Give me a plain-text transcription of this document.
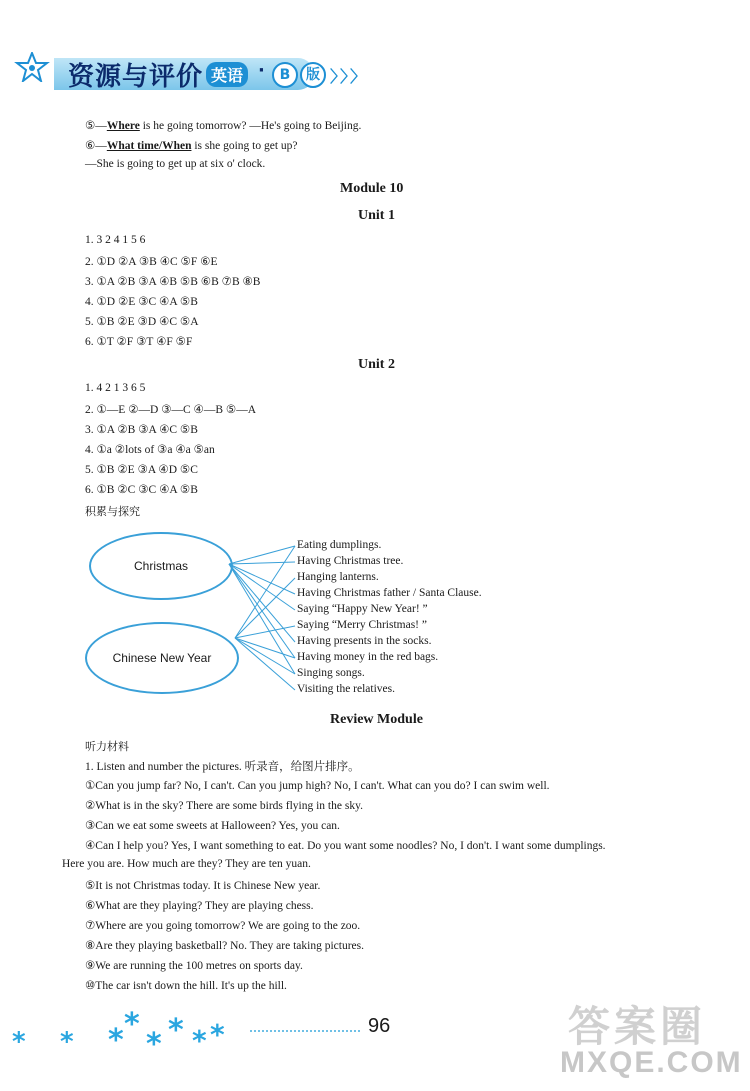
资源与评价 英语 ·	B	版 〉〉〉
⑤—Where is he going tomorrow? —He's going to Beijing.
⑥—What time/When is she going to get up?
—She is going to get up at six o' clock.
Module 10
Unit 1
1. 3 2 4 1 5 6
2. ①D ②A ③B ④C ⑤F ⑥E
3. ①A ②B ③A ④B ⑤B ⑥B ⑦B ⑧B
4. ①D ②E ③C ④A ⑤B
5. ①B ②E ③D ④C ⑤A
6. ①T ②F ③T ④F ⑤F
Unit 2
1. 4 2 1 3 6 5
2. ①—E ②—D ③—C ④—B ⑤—A
3. ①A ②B ③A ④C ⑤B
4. ①a ②lots of ③a ④a ⑤an
5. ①B ②E ③A ④D ⑤C
6. ①B ②C ③C ④A ⑤B
积累与探究
Christmas
Chinese New Year
Eating dumplings.
Having Christmas tree.
Hanging lanterns.
Having Christmas father / Santa Clause.
Saying “Happy New Year! ”
Saying “Merry Christmas! ”
Having presents in the socks.
Having money in the red bags.
Singing songs.
Visiting the relatives.
Review Module
听力材料
1. Listen and number the pictures. 听录音，给图片排序。
①Can you jump far? No, I can't. Can you jump high? No, I can't. What can you do? I can swim well.
②What is in the sky? There are some birds flying in the sky.
③Can we eat some sweets at Halloween? Yes, you can.
④Can I help you? Yes, I want something to eat. Do you want some noodles? No, I don't. I want some dumplings.
Here you are. How much are they? They are ten yuan.
⑤It is not Christmas today. It is Chinese New year.
⑥What are they playing? They are playing chess.
⑦Where are you going tomorrow? We are going to the zoo.
⑧Are they playing basketball? No. They are taking pictures.
⑨We are running the 100 metres on sports day.
⑩The car isn't down the hill. It's up the hill.
* * * *
* * * *	96	答案圈
MXQE.COM
